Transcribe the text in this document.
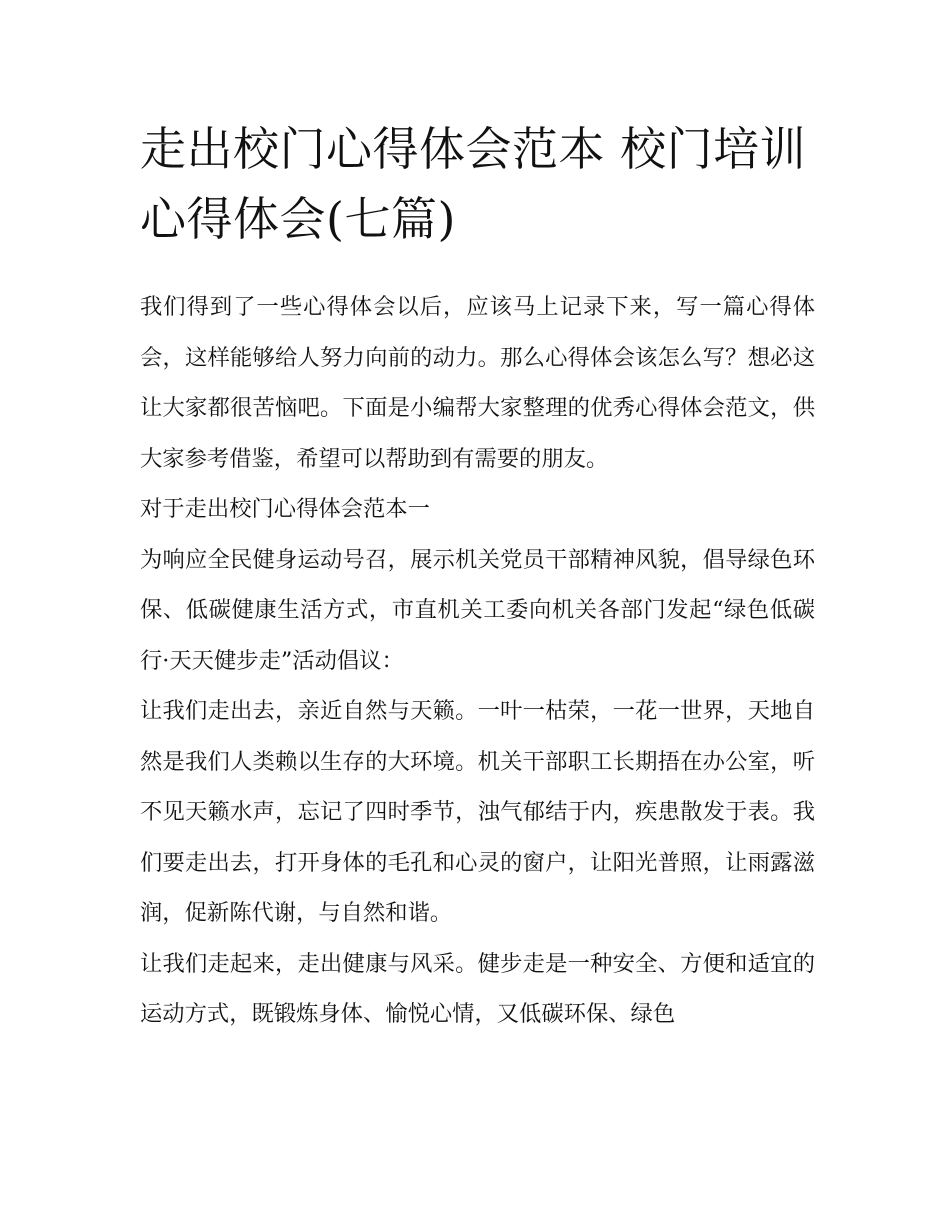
走出校门心得体会范本 校门培训心得体会(七篇)

我们得到了一些心得体会以后，应该马上记录下来，写一篇心得体会，这样能够给人努力向前的动力。那么心得体会该怎么写？想必这让大家都很苦恼吧。下面是小编帮大家整理的优秀心得体会范文，供大家参考借鉴，希望可以帮助到有需要的朋友。

对于走出校门心得体会范本一

为响应全民健身运动号召，展示机关党员干部精神风貌，倡导绿色环保、低碳健康生活方式，市直机关工委向机关各部门发起“绿色低碳行·天天健步走”活动倡议：

让我们走出去，亲近自然与天籁。一叶一枯荣，一花一世界，天地自然是我们人类赖以生存的大环境。机关干部职工长期捂在办公室，听不见天籁水声，忘记了四时季节，浊气郁结于内，疾患散发于表。我们要走出去，打开身体的毛孔和心灵的窗户，让阳光普照，让雨露滋润，促新陈代谢，与自然和谐。

让我们走起来，走出健康与风采。健步走是一种安全、方便和适宜的运动方式，既锻炼身体、愉悦心情，又低碳环保、绿色
